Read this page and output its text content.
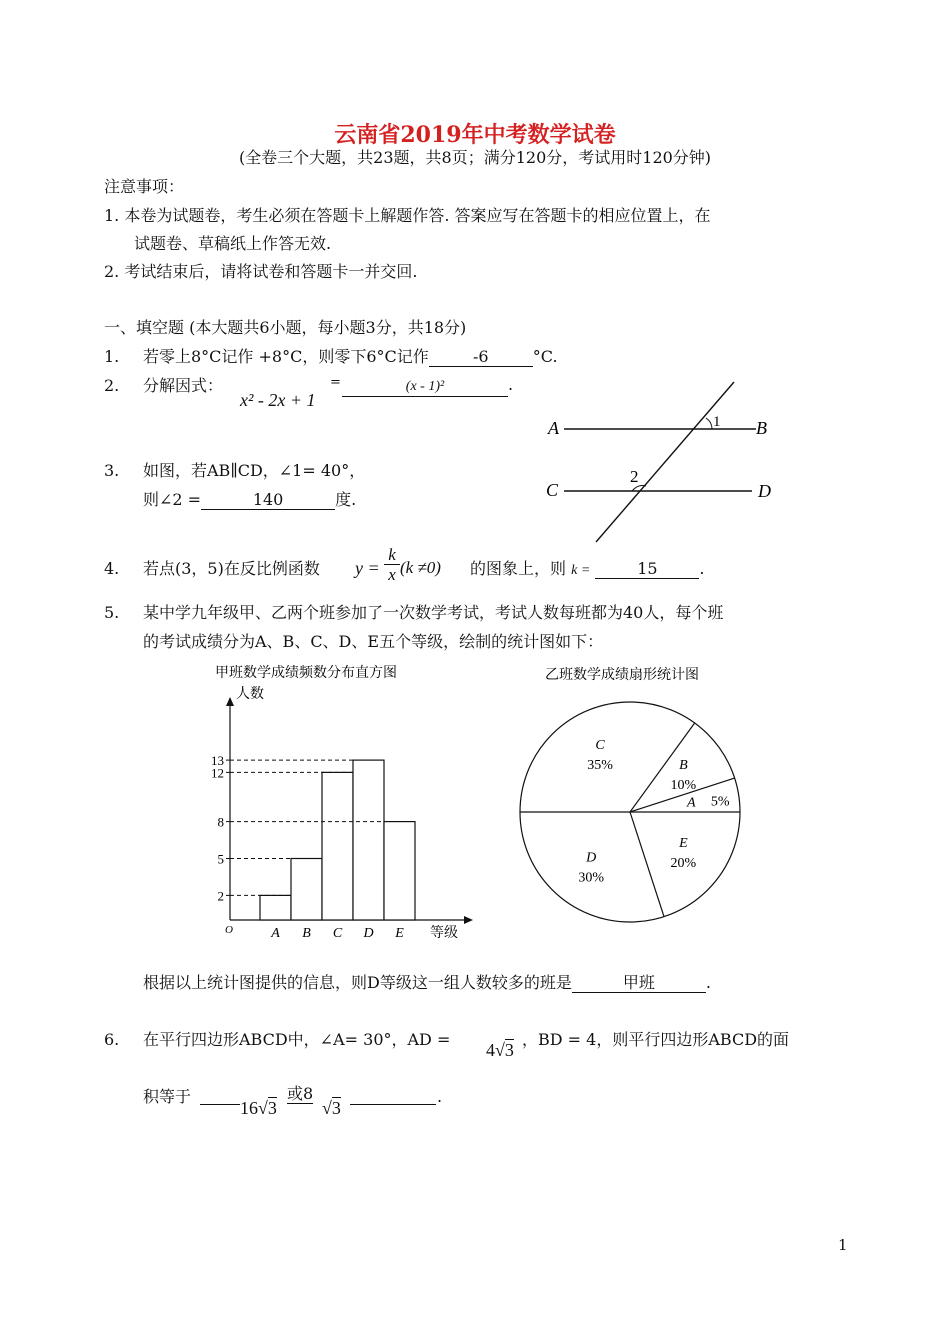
云南省2019年中考数学试卷
(全卷三个大题，共23题，共8页；满分120分，考试用时120分钟)
注意事项：
1. 本卷为试题卷，考生必须在答题卡上解题作答. 答案应写在答题卡的相应位置上，在
试题卷、草稿纸上作答无效.
2. 考试结束后，请将试卷和答题卡一并交回.
一、填空题 (本大题共6小题，每小题3分，共18分)
1. 若零上8°C记作 +8°C，则零下6°C记作	-6	°C.
2. 分解因式：
x² - 2x + 1
=	(x - 1)²	.
3. 如图，若AB∥CD，∠1= 40°，
则∠2 =	140	度.
A	B
C	D
1
2
4. 若点(3，5)在反比例函数 $y = \frac{k}{x} (k \ne 0)$ 的图象上，则 k =	15	.
5. 某中学九年级甲、乙两个班参加了一次数学考试，考试人数每班都为40人，每个班
的考试成绩分为A、B、C、D、E五个等级，绘制的统计图如下：
甲班数学成绩频数分布直方图
人数
O	等级
A B C D E
2
5
8
12
13
乙班数学成绩扇形统计图
C
35%	B
10%
A 5%
E
20%
D
30%
根据以上统计图提供的信息，则D等级这一组人数较多的班是	甲班	.
6. 在平行四边形ABCD中，∠A= 30°，AD =
4√3
，BD = 4，则平行四边形ABCD的面
积等于
16√3
或8
√3
.
1
